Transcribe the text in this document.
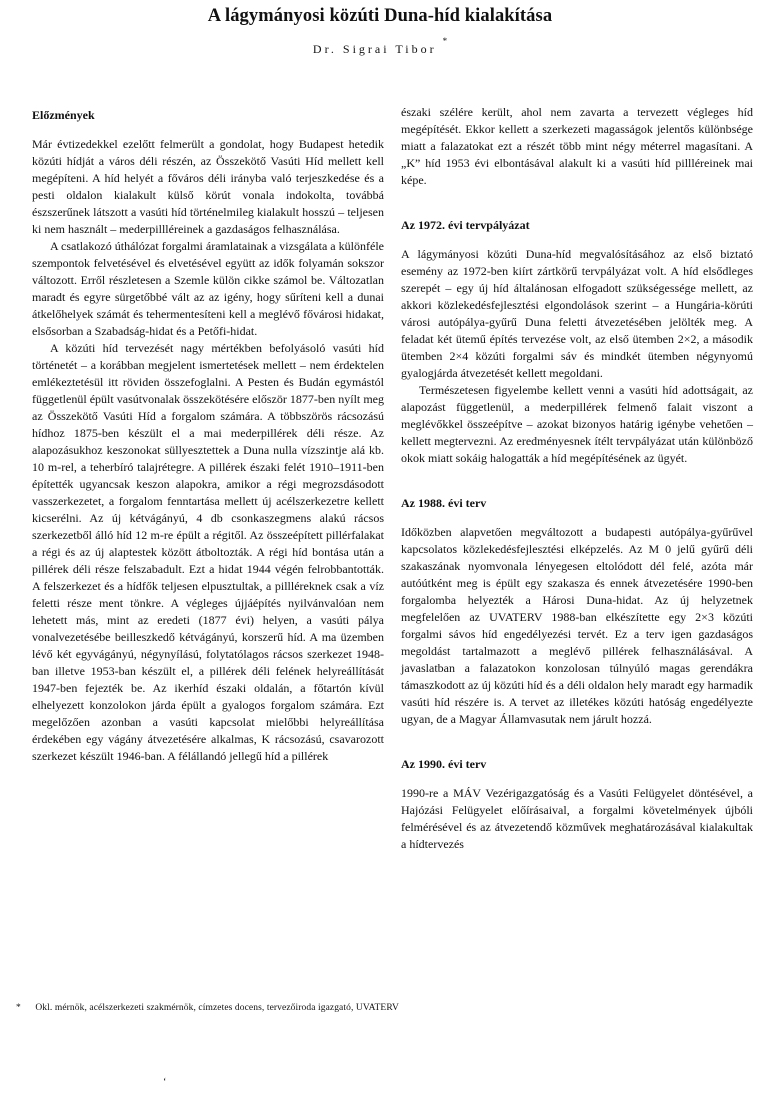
A lágymányosi közúti Duna-híd kialakítása
Dr. Sigrai Tibor *
Előzmények

Már évtizedekkel ezelőtt felmerült a gondolat, hogy Budapest hetedik közúti hídját a város déli részén, az Összekötő Vasúti Híd mellett kell megépíteni. A híd helyét a főváros déli irányba való terjeszkedése és a pesti oldalon kialakult külső körút vonala indokolta, továbbá észszerűnek látszott a vasúti híd történelmileg kialakult hosszú – teljesen ki nem használt – mederpillléreinek a gazdaságos felhasználása.

A csatlakozó úthálózat forgalmi áramlatainak a vizsgálata a különféle szempontok felvetésével és elvetésével együtt az idők folyamán sokszor változott. Erről részletesen a Szemle külön cikke számol be. Változatlan maradt és egyre sürgetőbbé vált az az igény, hogy sűríteni kell a dunai átkelőhelyek számát és tehermentesíteni kell a meglévő fővárosi hidakat, elsősorban a Szabadság-hidat és a Petőfi-hidat.

A közúti híd tervezését nagy mértékben befolyásoló vasúti híd történetét – a korábban megjelent ismertetések mellett – nem érdektelen emlékeztetésül itt röviden összefoglalni. A Pesten és Budán egymástól függetlenül épült vasútvonalak összekötésére először 1877-ben nyílt meg az Összekötő Vasúti Híd a forgalom számára. A többszörös rácsozású hídhoz 1875-ben készült el a mai mederpillérek déli része. Az alapozásukhoz keszonokat süllyesztettek a Duna nulla vízszintje alá kb. 10 m-rel, a teherbíró talajrétegre. A pillérek északi felét 1910–1911-ben építették ugyancsak keszon alapokra, amikor a régi megrozsdásodott vasszerkezetet, a forgalom fenntartása mellett új acélszerkezetre kellett kicserélni. Az új kétvágányú, 4 db csonkaszegmens alakú rácsos szerkezetből álló híd 12 m-re épült a régitől. Az összeépített pillérfalakat a régi és az új alaptestek között átboltozták. A régi híd bontása után a pillérek déli része felszabadult. Ezt a hidat 1944 végén felrobbantották. A felszerkezet és a hídfők teljesen elpusztultak, a pillléreknek csak a víz feletti része ment tönkre. A végleges újjáépítés nyilvánvalóan nem lehetett más, mint az eredeti (1877 évi) helyen, a vasúti pálya vonalvezetésébe beilleszkedő kétvágányú, korszerű híd. A ma üzemben lévő két egyvágányú, négynyílású, folytatólagos rácsos szerkezet 1948-ban illetve 1953-ban készült el, a pillérek déli felének helyreállítását 1947-ben fejezték be. Az ikerhíd északi oldalán, a főtartón kívül elhelyezett konzolokon járda épült a gyalogos forgalom számára. Ezt megelőzően azonban a vasúti kapcsolat mielőbbi helyreállítása érdekében egy vágány átvezetésére alkalmas, K rácsozású, csavarozott szerkezet készült 1946-ban. A félállandó jellegű híd a pillérek

északi szélére került, ahol nem zavarta a tervezett végleges híd megépítését. Ekkor kellett a szerkezeti magasságok jelentős különbsége miatt a falazatokat ezt a részét több mint négy méterrel magasítani. A „K” híd 1953 évi elbontásával alakult ki a vasúti híd pillléreinek mai képe.

Az 1972. évi tervpályázat

A lágymányosi közúti Duna-híd megvalósításához az első biztató esemény az 1972-ben kiírt zártkörű tervpályázat volt. A híd elsődleges szerepét – egy új híd általánosan elfogadott szükségessége mellett, az akkori közlekedésfejlesztési elgondolások szerint – a Hungária-körúti városi autópálya-gyűrű Duna feletti átvezetésében jelölték meg. A feladat két ütemű építés tervezése volt, az első ütemben 2×2, a második ütemben 2×4 közúti forgalmi sáv és mindkét ütemben négynyomú gyalogjárda átvezetését kellett megoldani.

Természetesen figyelembe kellett venni a vasúti híd adottságait, az alapozást függetlenül, a mederpillérek felmenő falait viszont a meglévőkkel összeépítve – azokat bizonyos határig igénybe vehetően – kellett megtervezni. Az eredményesnek ítélt tervpályázat után különböző okok miatt sokáig halogatták a híd megépítésének az ügyét.

Az 1988. évi terv

Időközben alapvetően megváltozott a budapesti autópálya-gyűrűvel kapcsolatos közlekedésfejlesztési elképzelés. Az M 0 jelű gyűrű déli szakaszának nyomvonala lényegesen eltolódott dél felé, azóta már autóútként meg is épült egy szakasza és ennek átvezetésére 1990-ben forgalomba helyezték a Hárosi Duna-hidat. Az új helyzetnek megfelelően az UVATERV 1988-ban elkészítette egy 2×3 közúti forgalmi sávos híd engedélyezési tervét. Ez a terv igen gazdaságos megoldást tartalmazott a meglévő pillérek felhasználásával. A javaslatban a falazatokon konzolosan túlnyúló magas gerendákra támaszkodott az új közúti híd és a déli oldalon hely maradt egy harmadik vasúti híd részére is. A tervet az illetékes közúti hatóság engedélyezte ugyan, de a Magyar Államvasutak nem járult hozzá.

Az 1990. évi terv

1990-re a MÁV Vezérigazgatóság és a Vasúti Felügyelet döntésével, a Hajózási Felügyelet előírásaival, a forgalmi követelmények újbóli felmérésével és az átvezetendő közművek meghatározásával kialakultak a hídtervezés

* Okl. mérnök, acélszerkezeti szakmérnök, címzetes docens, tervezőiroda igazgató, UVATERV
‘
